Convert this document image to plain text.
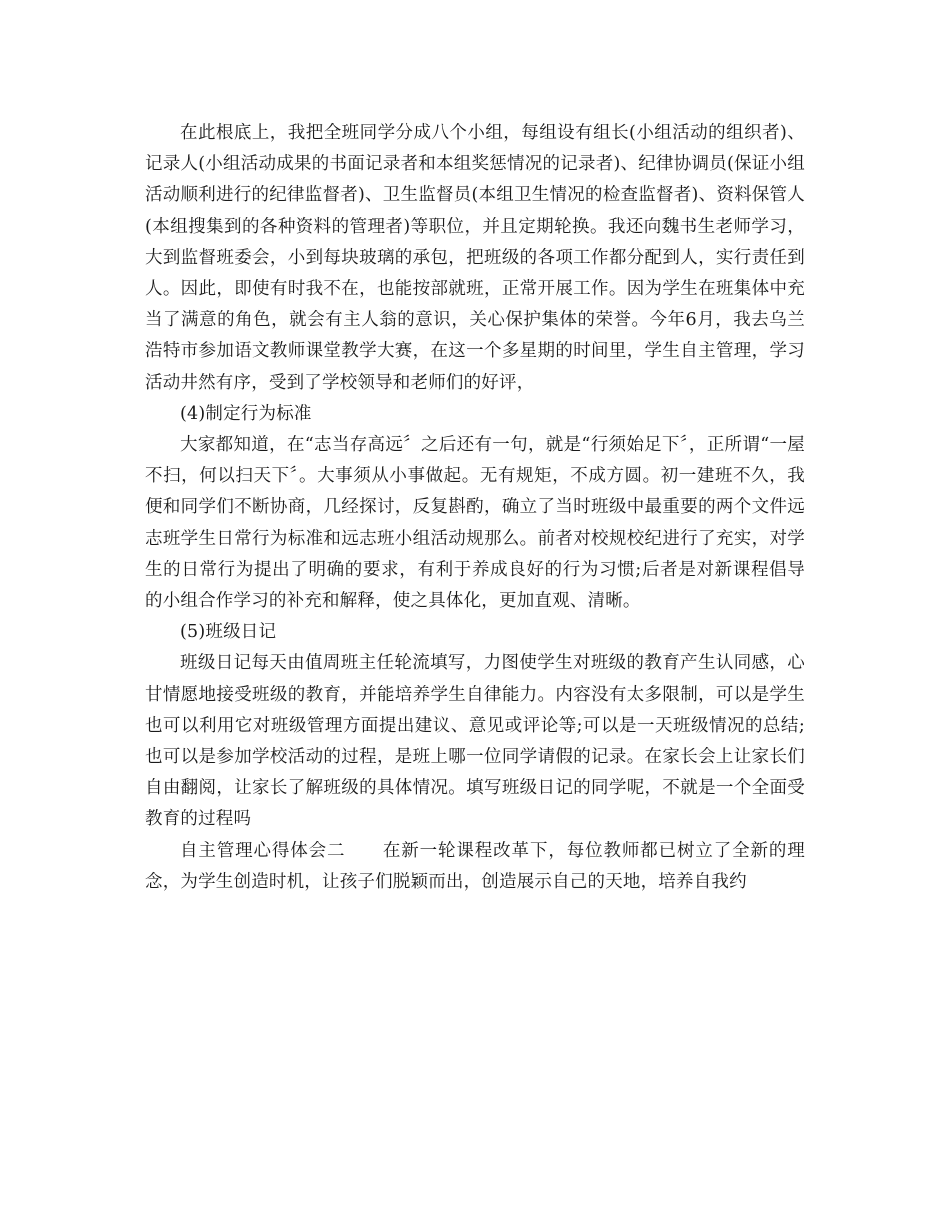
在此根底上，我把全班同学分成八个小组，每组设有组长(小组活动的组织者)、记录人(小组活动成果的书面记录者和本组奖惩情况的记录者)、纪律协调员(保证小组活动顺利进行的纪律监督者)、卫生监督员(本组卫生情况的检查监督者)、资料保管人(本组搜集到的各种资料的管理者)等职位，并且定期轮换。我还向魏书生老师学习，大到监督班委会，小到每块玻璃的承包，把班级的各项工作都分配到人，实行责任到人。因此，即使有时我不在，也能按部就班，正常开展工作。因为学生在班集体中充当了满意的角色，就会有主人翁的意识，关心保护集体的荣誉。今年6月，我去乌兰浩特市参加语文教师课堂教学大赛，在这一个多星期的时间里，学生自主管理，学习活动井然有序，受到了学校领导和老师们的好评，

(4)制定行为标准

大家都知道，在“志当存高远〞之后还有一句，就是“行须始足下〞，正所谓“一屋不扫，何以扫天下〞。大事须从小事做起。无有规矩，不成方圆。初一建班不久，我便和同学们不断协商，几经探讨，反复斟酌，确立了当时班级中最重要的两个文件远志班学生日常行为标准和远志班小组活动规那么。前者对校规校纪进行了充实，对学生的日常行为提出了明确的要求，有利于养成良好的行为习惯;后者是对新课程倡导的小组合作学习的补充和解释，使之具体化，更加直观、清晰。

(5)班级日记

班级日记每天由值周班主任轮流填写，力图使学生对班级的教育产生认同感，心甘情愿地接受班级的教育，并能培养学生自律能力。内容没有太多限制，可以是学生也可以利用它对班级管理方面提出建议、意见或评论等;可以是一天班级情况的总结;也可以是参加学校活动的过程，是班上哪一位同学请假的记录。在家长会上让家长们自由翻阅，让家长了解班级的具体情况。填写班级日记的同学呢，不就是一个全面受教育的过程吗

自主管理心得体会二 在新一轮课程改革下，每位教师都已树立了全新的理念，为学生创造时机，让孩子们脱颖而出，创造展示自己的天地，培养自我约
